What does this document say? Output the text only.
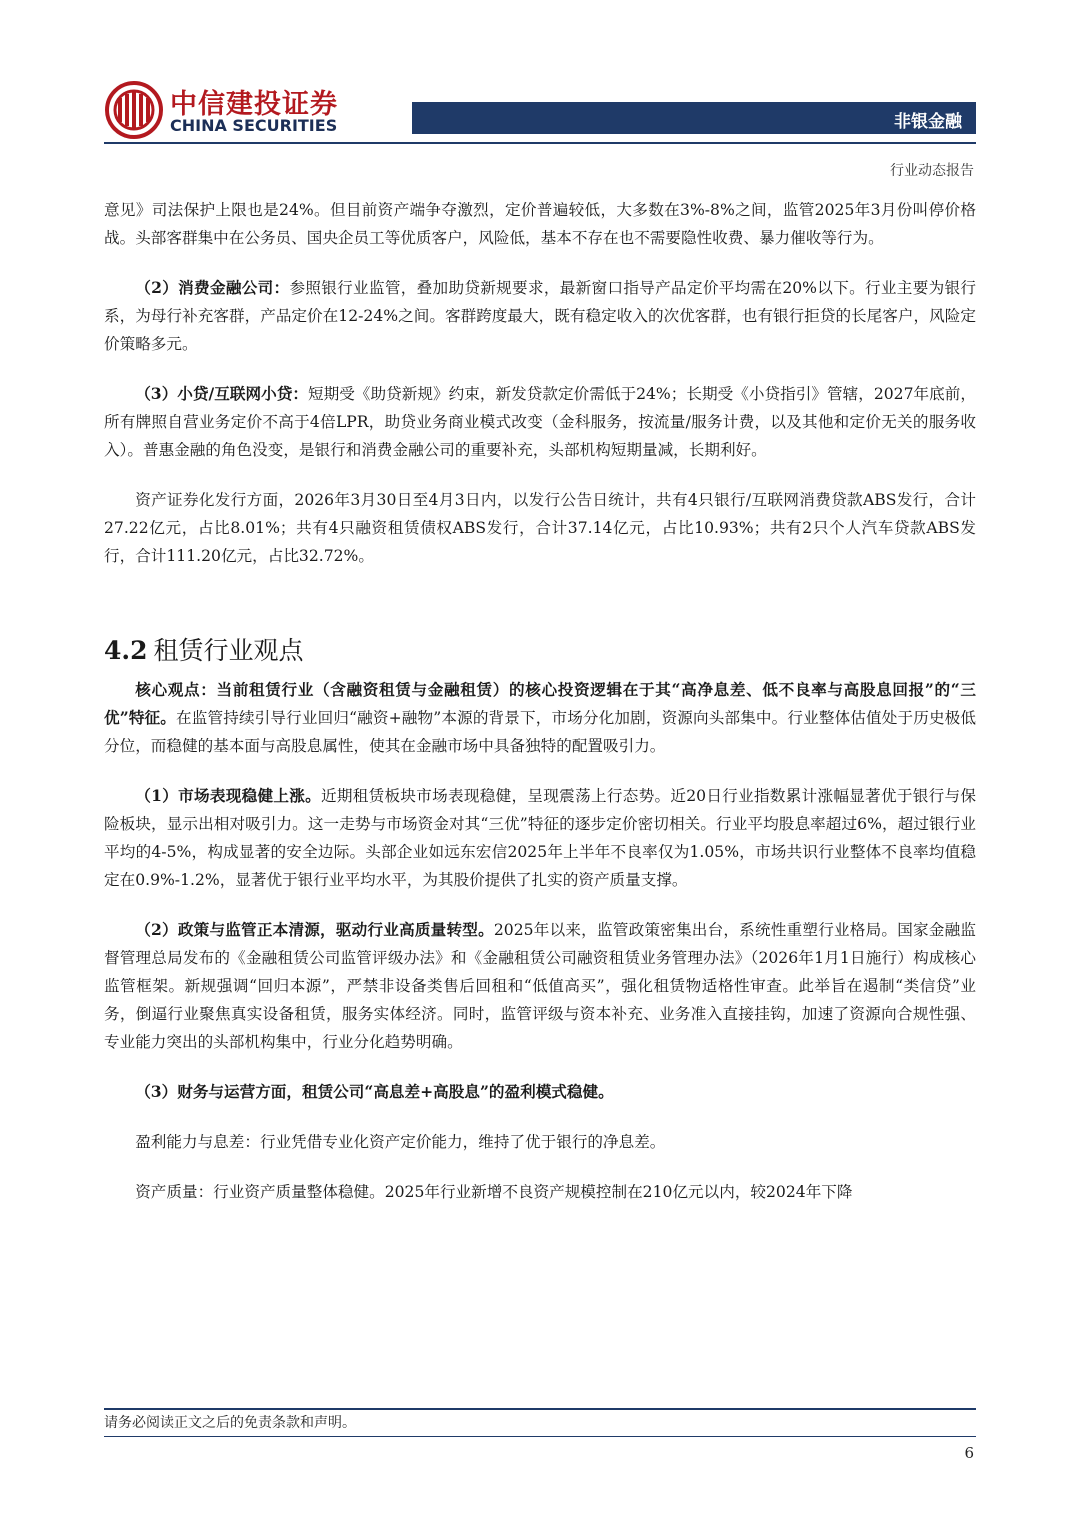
中信建投证券
CHINA SECURITIES	非银金融
行业动态报告

意见》司法保护上限也是24%。但目前资产端争夺激烈，定价普遍较低，大多数在3%-8%之间，监管2025年3月份叫停价格战。头部客群集中在公务员、国央企员工等优质客户，风险低，基本不存在也不需要隐性收费、暴力催收等行为。

（2）消费金融公司：参照银行业监管，叠加助贷新规要求，最新窗口指导产品定价平均需在20%以下。行业主要为银行系，为母行补充客群，产品定价在12-24%之间。客群跨度最大，既有稳定收入的次优客群，也有银行拒贷的长尾客户，风险定价策略多元。

（3）小贷/互联网小贷：短期受《助贷新规》约束，新发贷款定价需低于24%；长期受《小贷指引》管辖，2027年底前，所有牌照自营业务定价不高于4倍LPR，助贷业务商业模式改变（金科服务，按流量/服务计费，以及其他和定价无关的服务收入）。普惠金融的角色没变，是银行和消费金融公司的重要补充，头部机构短期量减，长期利好。

资产证券化发行方面，2026年3月30日至4月3日内，以发行公告日统计，共有4只银行/互联网消费贷款ABS发行，合计27.22亿元，占比8.01%；共有4只融资租赁债权ABS发行，合计37.14亿元，占比10.93%；共有2只个人汽车贷款ABS发行，合计111.20亿元，占比32.72%。

4.2 租赁行业观点

核心观点：当前租赁行业（含融资租赁与金融租赁）的核心投资逻辑在于其“高净息差、低不良率与高股息回报”的“三优”特征。在监管持续引导行业回归“融资+融物”本源的背景下，市场分化加剧，资源向头部集中。行业整体估值处于历史极低分位，而稳健的基本面与高股息属性，使其在金融市场中具备独特的配置吸引力。

（1）市场表现稳健上涨。近期租赁板块市场表现稳健，呈现震荡上行态势。近20日行业指数累计涨幅显著优于银行与保险板块，显示出相对吸引力。这一走势与市场资金对其“三优”特征的逐步定价密切相关。行业平均股息率超过6%，超过银行业平均的4-5%，构成显著的安全边际。头部企业如远东宏信2025年上半年不良率仅为1.05%，市场共识行业整体不良率均值稳定在0.9%-1.2%，显著优于银行业平均水平，为其股价提供了扎实的资产质量支撑。

（2）政策与监管正本清源，驱动行业高质量转型。2025年以来，监管政策密集出台，系统性重塑行业格局。国家金融监督管理总局发布的《金融租赁公司监管评级办法》和《金融租赁公司融资租赁业务管理办法》（2026年1月1日施行）构成核心监管框架。新规强调“回归本源”，严禁非设备类售后回租和“低值高买”，强化租赁物适格性审查。此举旨在遏制“类信贷”业务，倒逼行业聚焦真实设备租赁，服务实体经济。同时，监管评级与资本补充、业务准入直接挂钩，加速了资源向合规性强、专业能力突出的头部机构集中，行业分化趋势明确。

（3）财务与运营方面，租赁公司“高息差+高股息”的盈利模式稳健。

盈利能力与息差：行业凭借专业化资产定价能力，维持了优于银行的净息差。

资产质量：行业资产质量整体稳健。2025年行业新增不良资产规模控制在210亿元以内，较2024年下降

请务必阅读正文之后的免责条款和声明。
6
